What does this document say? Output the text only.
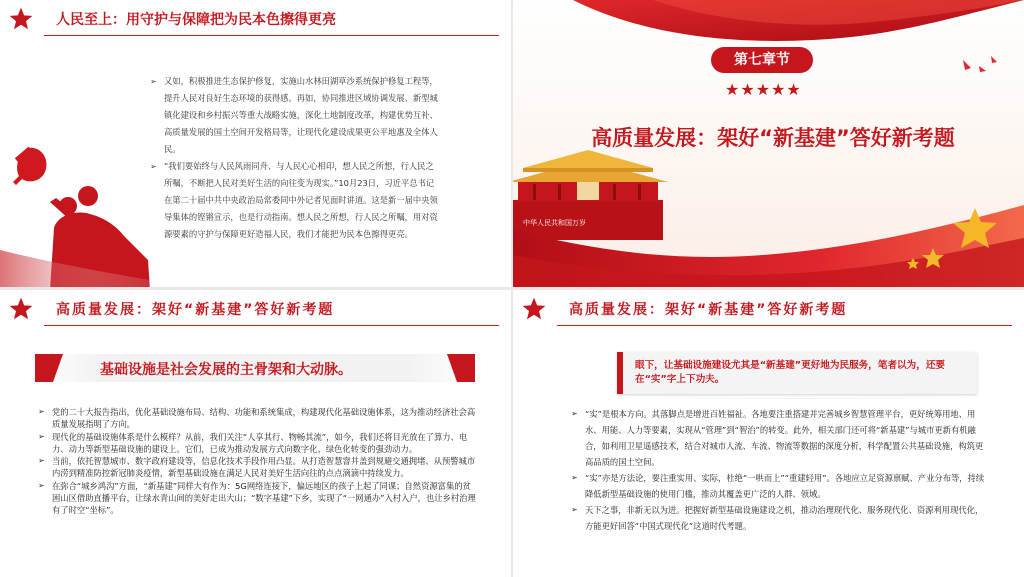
人民至上：用守护与保障把为民本色擦得更亮

➢ 又如，积极推进生态保护修复，实施山水林田湖草沙系统保护修复工程等，提升人民对良好生态环境的获得感。再如，协同推进区域协调发展、新型城镇化建设和乡村振兴等重大战略实施，深化土地制度改革，构建优势互补、高质量发展的国土空间开发格局等，让现代化建设成果更公平地惠及全体人民。

➢ “我们要始终与人民风雨同舟、与人民心心相印，想人民之所想，行人民之所嘱，不断把人民对美好生活的向往变为现实。”10月23日，习近平总书记在第二十届中共中央政治局常委同中外记者见面时讲道。这是新一届中央领导集体的铿锵宣示，也是行动指南。想人民之所想，行人民之所嘱，用对资源要素的守护与保障更好造福人民，我们才能把为民本色擦得更亮。

中华人民共和国万岁
第七章节
★★★★★
高质量发展：架好“新基建”答好新考题
高质量发展：架好“新基建”答好新考题
基础设施是社会发展的主骨架和大动脉。

➢ 党的二十大报告指出，优化基础设施布局、结构、功能和系统集成，构建现代化基础设施体系，这为推动经济社会高质量发展指明了方向。

➢ 现代化的基础设施体系是什么模样？从前，我们关注“人享其行、物畅其流”，如今，我们还将目光放在了算力、电力、动力等新型基础设施的建设上。它们，已成为推动发展方式向数字化、绿色化转变的强劲动力。

➢ 当前，依托智慧城市、数字政府建设等，信息化技术手段作用凸显。从打造智慧窨井盖到规避交通拥堵、从预警城市内涝到精准防控新冠肺炎疫情，新型基础设施在满足人民对美好生活向往的点点滴滴中持续发力。

➢ 在弥合“城乡鸿沟”方面，“新基建”同样大有作为：5G网络连接下，偏远地区的孩子上起了同课；自然资源富集的贫困山区借助直播平台，让绿水青山间的美好走出大山；“数字基建”下乡，实现了“一网通办”入村入户，也让乡村治理有了时空“坐标”。

高质量发展：架好“新基建”答好新考题
眼下，让基础设施建设尤其是“新基建”更好地为民服务，笔者以为，还要在“实”字上下功夫。

➢ “实”是根本方向。其落脚点是增进百姓福祉。各地要注重搭建并完善城乡智慧管理平台，更好统筹用地、用水、用能、人力等要素，实现从“管理”到“智治”的转变。此外，相关部门还可将“新基建”与城市更新有机融合，如利用卫星遥感技术，结合对城市人流、车流、物流等数据的深度分析，科学配置公共基础设施，构筑更高品质的国土空间。

➢ “实”亦是方法论，要注重实用、实际，杜绝“一哄而上”“重建轻用”。各地应立足资源禀赋、产业分布等，持续降低新型基础设施的使用门槛，推动其覆盖更广泛的人群、领域。

➢ 天下之事，非新无以为进。把握好新型基础设施建设之机，推动治理现代化、服务现代化、资源利用现代化，方能更好回答“中国式现代化”这道时代考题。
